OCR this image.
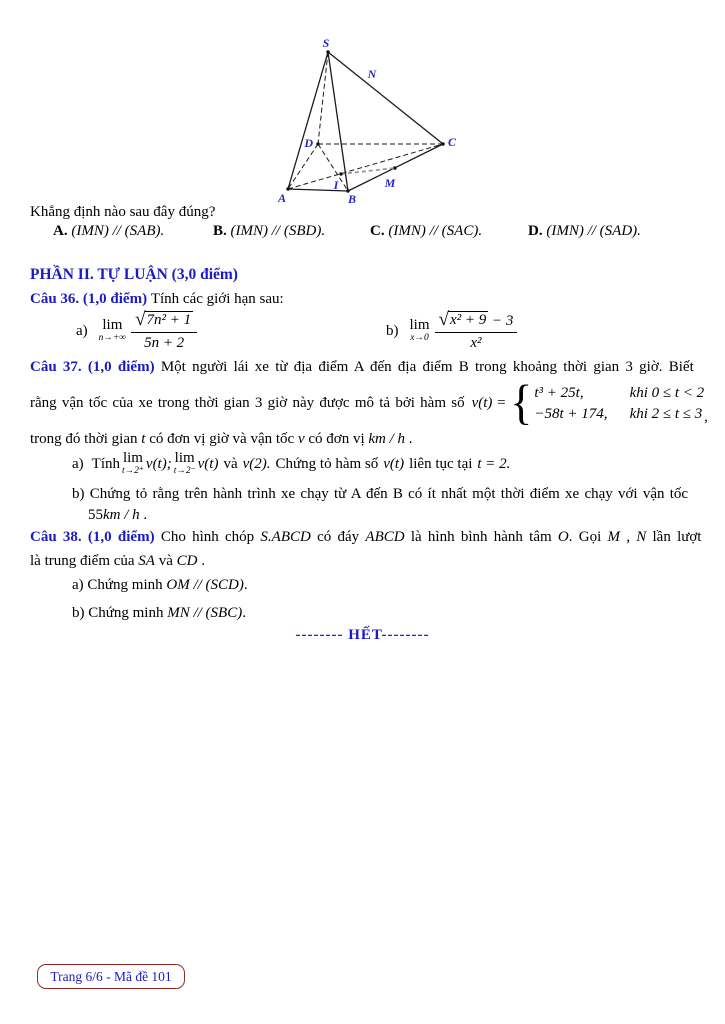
S
N
D	C
A	B
I	M
Khẳng định nào sau đây đúng?
A. (IMN) // (SAB).	B. (IMN) // (SBD).	C. (IMN) // (SAC).	D. (IMN) // (SAD).
PHẦN II. TỰ LUẬN (3,0 điểm)
Câu 36. (1,0 điểm) Tính các giới hạn sau:
a) lim
$n\to+\infty \frac{\text{√7n² + 1}}{5n + 2}$	b) lim
$x\to 0 \frac{\text{√x² + 9 − 3}}{\text{x²}}$
Câu 37. (1,0 điểm) Một người lái xe từ địa điểm A đến địa điểm B trong khoảng thời gian 3 giờ. Biết
rằng vận tốc của xe trong thời gian 3 giờ này được mô tả bởi hàm số v(t) = { t³ + 25t,	khi 0 ≤ t < 2
−58t + 174, khi 2 ≤ t ≤ 3 ,
trong đó thời gian t có đơn vị giờ và vận tốc v có đơn vị km / h .
a) Tính lim
t→2⁺ v(t); lim
t→2⁻ v(t) và v(2). Chứng tỏ hàm số v(t) liên tục tại t = 2.
b) Chứng tỏ rằng trên hành trình xe chạy từ A đến B có ít nhất một thời điểm xe chạy với vận tốc
55km / h .
Câu 38. (1,0 điểm) Cho hình chóp S.ABCD có đáy ABCD là hình bình hành tâm O. Gọi M , N lần lượt
là trung điểm của SA và CD .
a) Chứng minh OM // (SCD).
b) Chứng minh MN // (SBC).
-------- HẾT--------
Trang 6/6 - Mã đề 101
